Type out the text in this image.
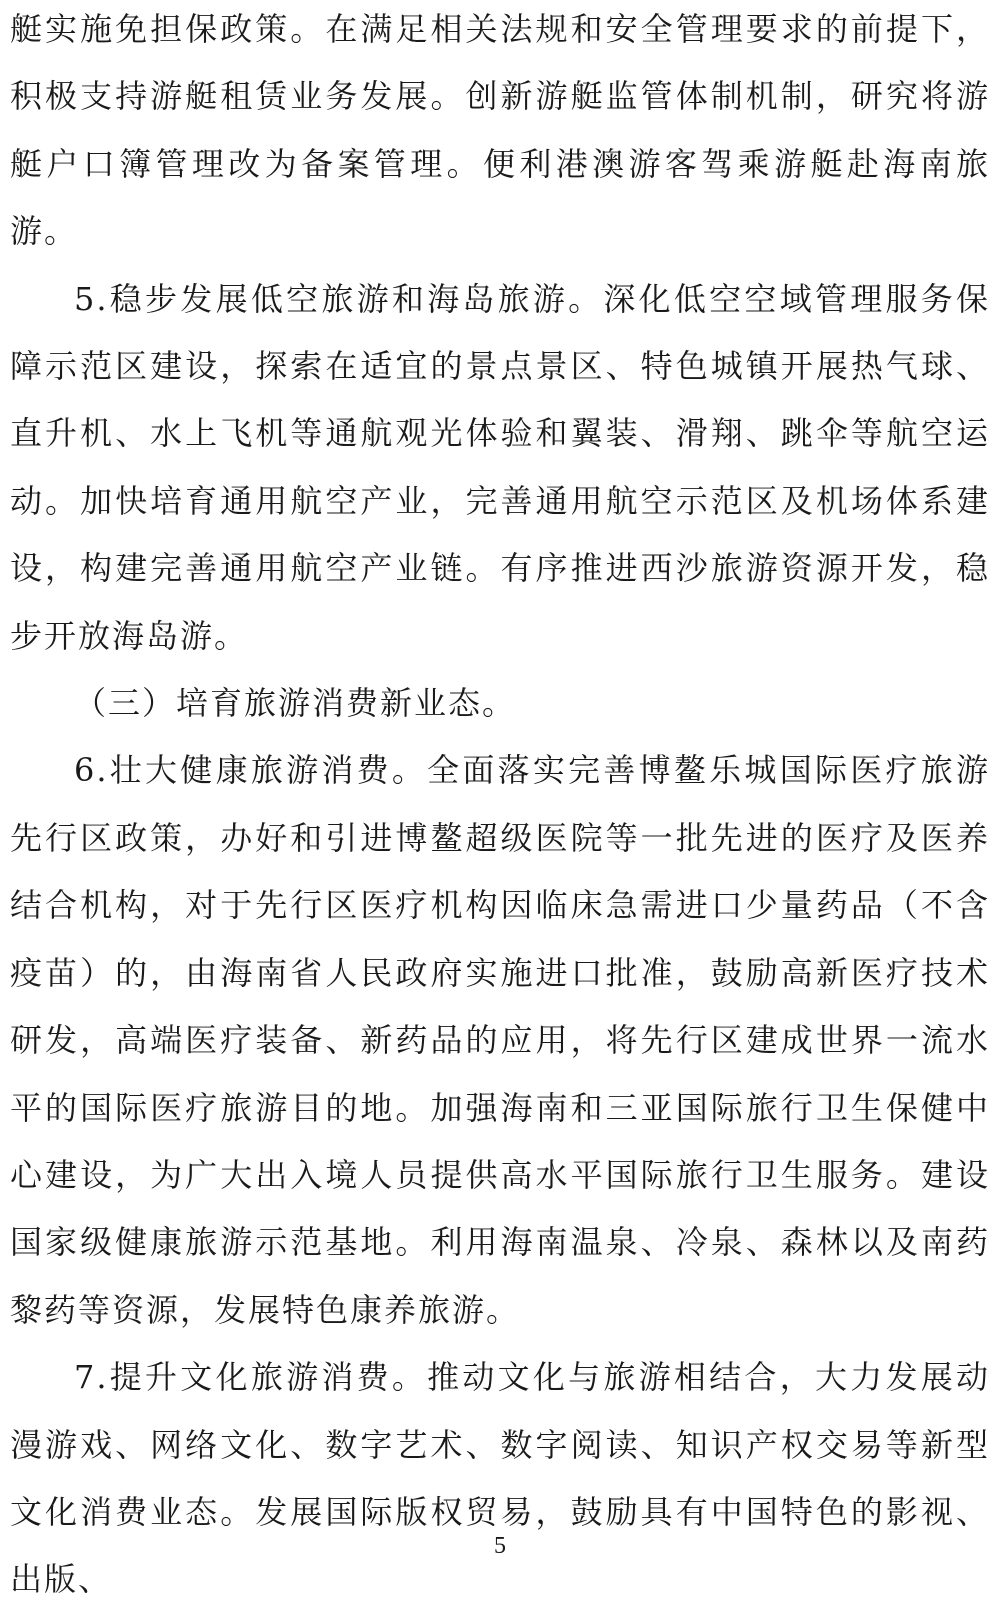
艇实施免担保政策。在满足相关法规和安全管理要求的前提下，积极支持游艇租赁业务发展。创新游艇监管体制机制，研究将游艇户口簿管理改为备案管理。便利港澳游客驾乘游艇赴海南旅游。

5.稳步发展低空旅游和海岛旅游。深化低空空域管理服务保障示范区建设，探索在适宜的景点景区、特色城镇开展热气球、直升机、水上飞机等通航观光体验和翼装、滑翔、跳伞等航空运动。加快培育通用航空产业，完善通用航空示范区及机场体系建设，构建完善通用航空产业链。有序推进西沙旅游资源开发，稳步开放海岛游。

（三）培育旅游消费新业态。

6.壮大健康旅游消费。全面落实完善博鳌乐城国际医疗旅游先行区政策，办好和引进博鳌超级医院等一批先进的医疗及医养结合机构，对于先行区医疗机构因临床急需进口少量药品（不含疫苗）的，由海南省人民政府实施进口批准，鼓励高新医疗技术研发，高端医疗装备、新药品的应用，将先行区建成世界一流水平的国际医疗旅游目的地。加强海南和三亚国际旅行卫生保健中心建设，为广大出入境人员提供高水平国际旅行卫生服务。建设国家级健康旅游示范基地。利用海南温泉、冷泉、森林以及南药黎药等资源，发展特色康养旅游。

7.提升文化旅游消费。推动文化与旅游相结合，大力发展动漫游戏、网络文化、数字艺术、数字阅读、知识产权交易等新型文化消费业态。发展国际版权贸易，鼓励具有中国特色的影视、出版、

5
